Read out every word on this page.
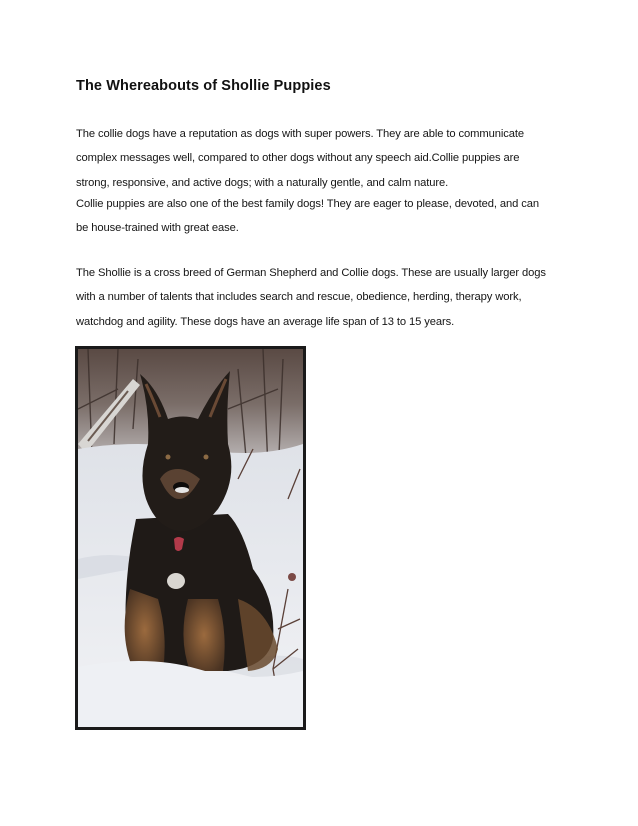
The Whereabouts of Shollie Puppies
The collie dogs have a reputation as dogs with super powers. They are able to communicate
complex messages well, compared to other dogs without any speech aid.Collie puppies are
strong, responsive, and active dogs; with a naturally gentle, and calm nature.
Collie puppies are also one of the best family dogs! They are eager to please, devoted, and can
be house-trained with great ease.
The Shollie is a cross breed of German Shepherd and Collie dogs. These are usually larger dogs
with a number of talents that includes search and rescue, obedience, herding, therapy work,
watchdog and agility. These dogs have an average life span of 13 to 15 years.
